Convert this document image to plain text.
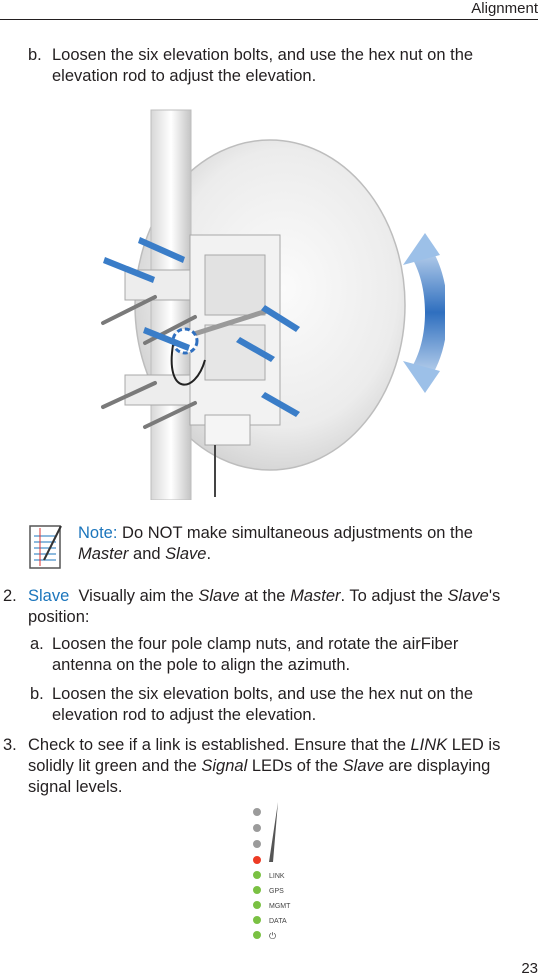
Alignment
b. Loosen the six elevation bolts, and use the hex nut on the elevation rod to adjust the elevation.

Note: Do NOT make simultaneous adjustments on the
Master and Slave.

2. Slave Visually aim the Slave at the Master. To adjust the Slave's position:

a. Loosen the four pole clamp nuts, and rotate the airFiber antenna on the pole to align the azimuth.

b. Loosen the six elevation bolts, and use the hex nut on the elevation rod to adjust the elevation.

3. Check to see if a link is established. Ensure that the LINK LED is solidly lit green and the Signal LEDs of the Slave are displaying signal levels.

LINK
GPS
MGMT
DATA
⏻
23
